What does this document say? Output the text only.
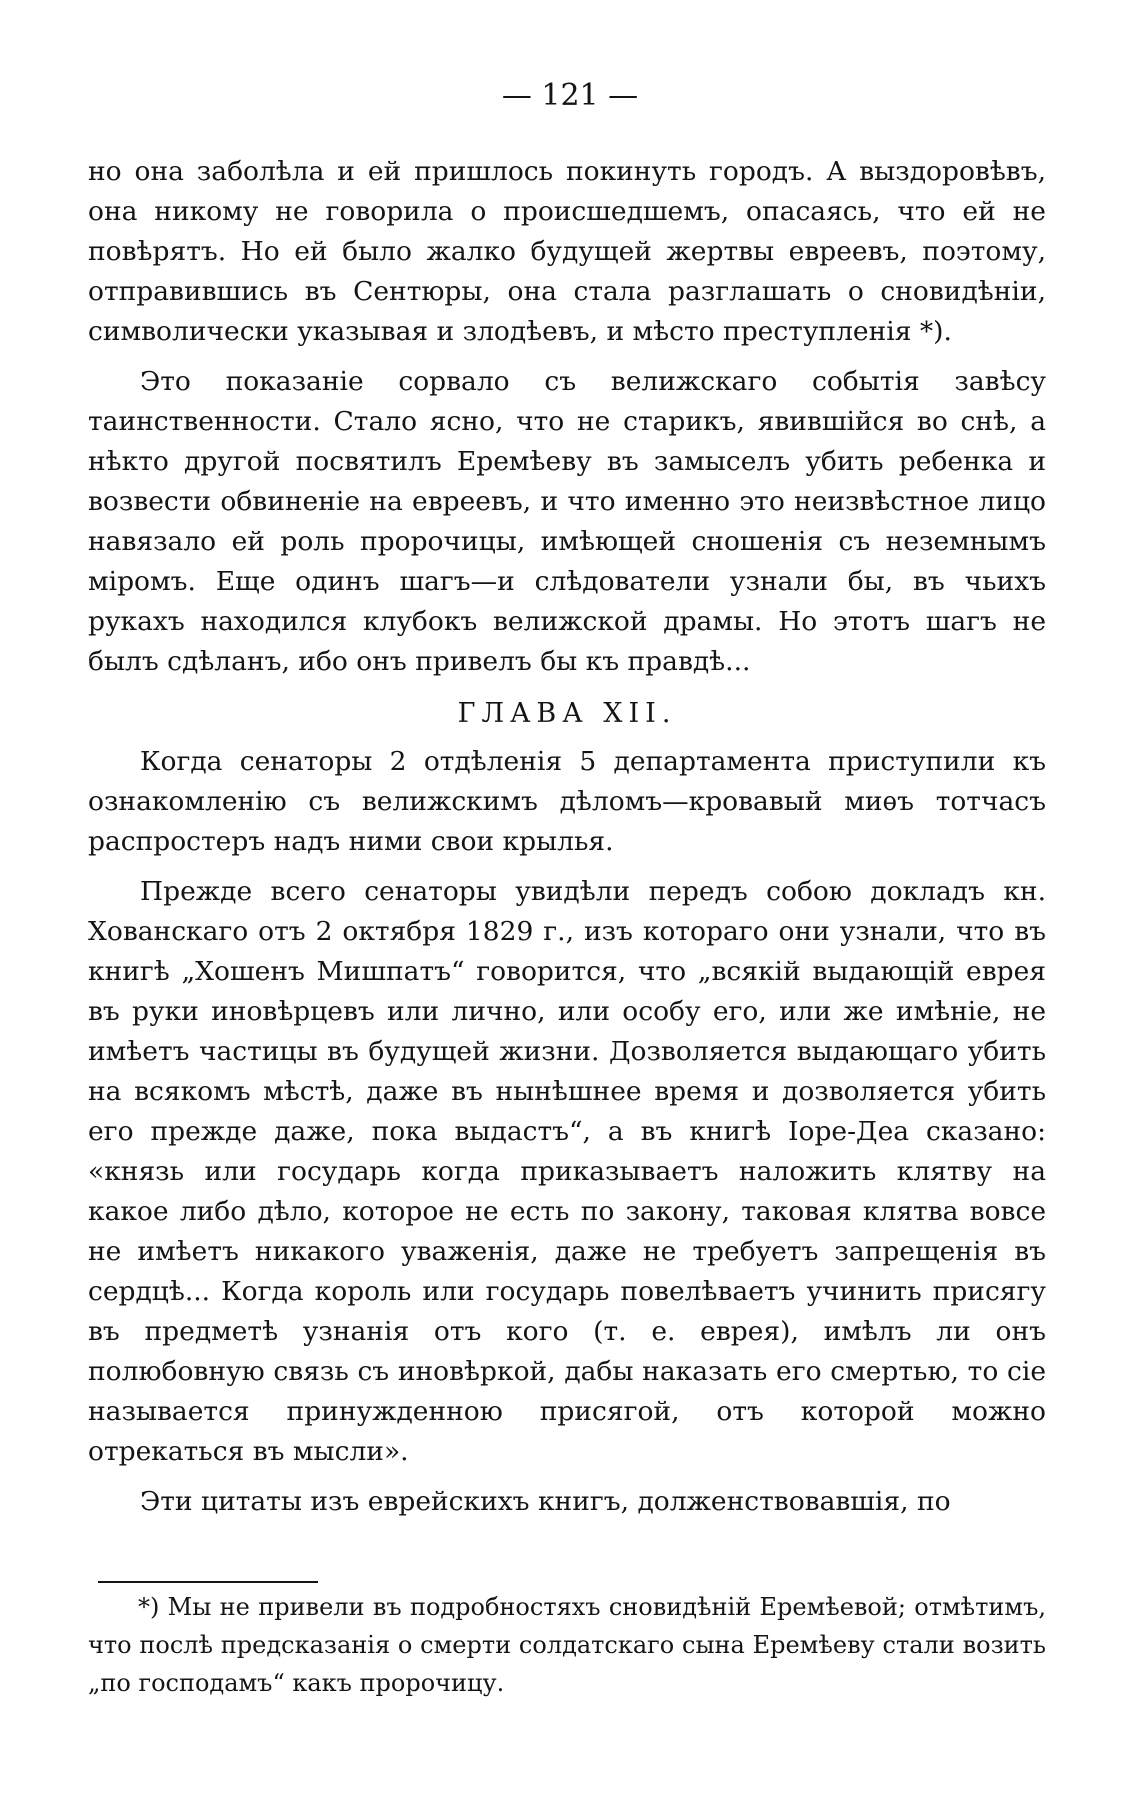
— 121 —

но она заболѣла и ей пришлось покинуть городъ. А выздоровѣвъ, она никому не говорила о происшедшемъ, опасаясь, что ей не повѣрятъ. Но ей было жалко будущей жертвы евреевъ, поэтому, отправившись въ Сентюры, она стала разглашать о сновидѣніи, символически указывая и злодѣевъ, и мѣсто преступленія *).

Это показаніе сорвало съ велижскаго событія завѣсу таинственности. Стало ясно, что не старикъ, явившійся во снѣ, а нѣкто другой посвятилъ Еремѣеву въ замыселъ убить ребенка и возвести обвиненіе на евреевъ, и что именно это неизвѣстное лицо навязало ей роль пророчицы, имѣющей сношенія съ неземнымъ міромъ. Еще одинъ шагъ—и слѣдователи узнали бы, въ чьихъ рукахъ находился клубокъ велижской драмы. Но этотъ шагъ не былъ сдѣланъ, ибо онъ привелъ бы къ правдѣ...

ГЛАВА XII.

Когда сенаторы 2 отдѣленія 5 департамента приступили къ ознакомленію съ велижскимъ дѣломъ—кровавый миѳъ тотчасъ распростеръ надъ ними свои крылья.

Прежде всего сенаторы увидѣли передъ собою докладъ кн. Хованскаго отъ 2 октября 1829 г., изъ котораго они узнали, что въ книгѣ „Хошенъ Мишпатъ“ говорится, что „всякій выдающій еврея въ руки иновѣрцевъ или лично, или особу его, или же имѣніе, не имѣетъ частицы въ будущей жизни. Дозволяется выдающаго убить на всякомъ мѣстѣ, даже въ нынѣшнее время и дозволяется убить его прежде даже, пока выдастъ“, а въ книгѣ Іоре-Деа сказано: «князь или государь когда приказываетъ наложить клятву на какое либо дѣло, которое не есть по закону, таковая клятва вовсе не имѣетъ никакого уваженія, даже не требуетъ запрещенія въ сердцѣ... Когда король или государь повелѣваетъ учинить присягу въ предметѣ узнанія отъ кого (т. е. еврея), имѣлъ ли онъ полюбовную связь съ иновѣркой, дабы наказать его смертью, то сіе называется принужденною присягой, отъ которой можно отрекаться въ мысли».

Эти цитаты изъ еврейскихъ книгъ, долженствовавшія, по

*) Мы не привели въ подробностяхъ сновидѣній Еремѣевой; отмѣтимъ, что послѣ предсказанія о смерти солдатскаго сына Еремѣеву стали возить „по господамъ“ какъ пророчицу.
